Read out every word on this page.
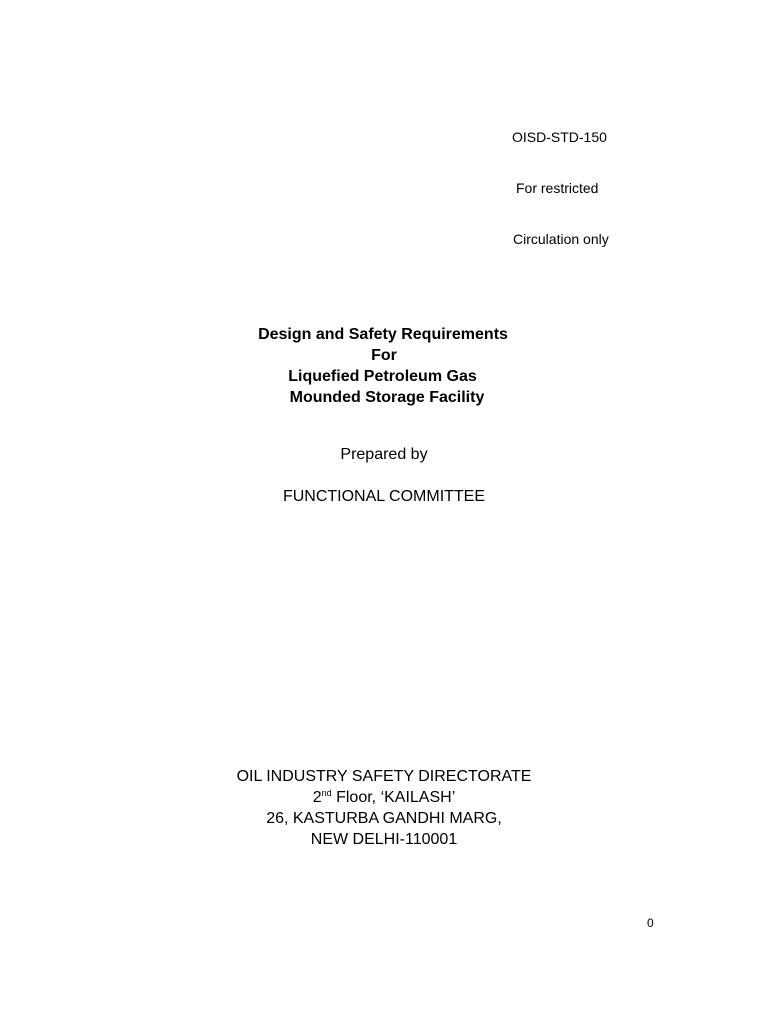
OISD-STD-150

For restricted

Circulation only

Design and Safety Requirements
For
Liquefied Petroleum Gas
Mounded Storage Facility
Prepared by
FUNCTIONAL COMMITTEE
OIL INDUSTRY SAFETY DIRECTORATE
2nd Floor, ‘KAILASH’
26, KASTURBA GANDHI MARG,
NEW DELHI-110001
0
